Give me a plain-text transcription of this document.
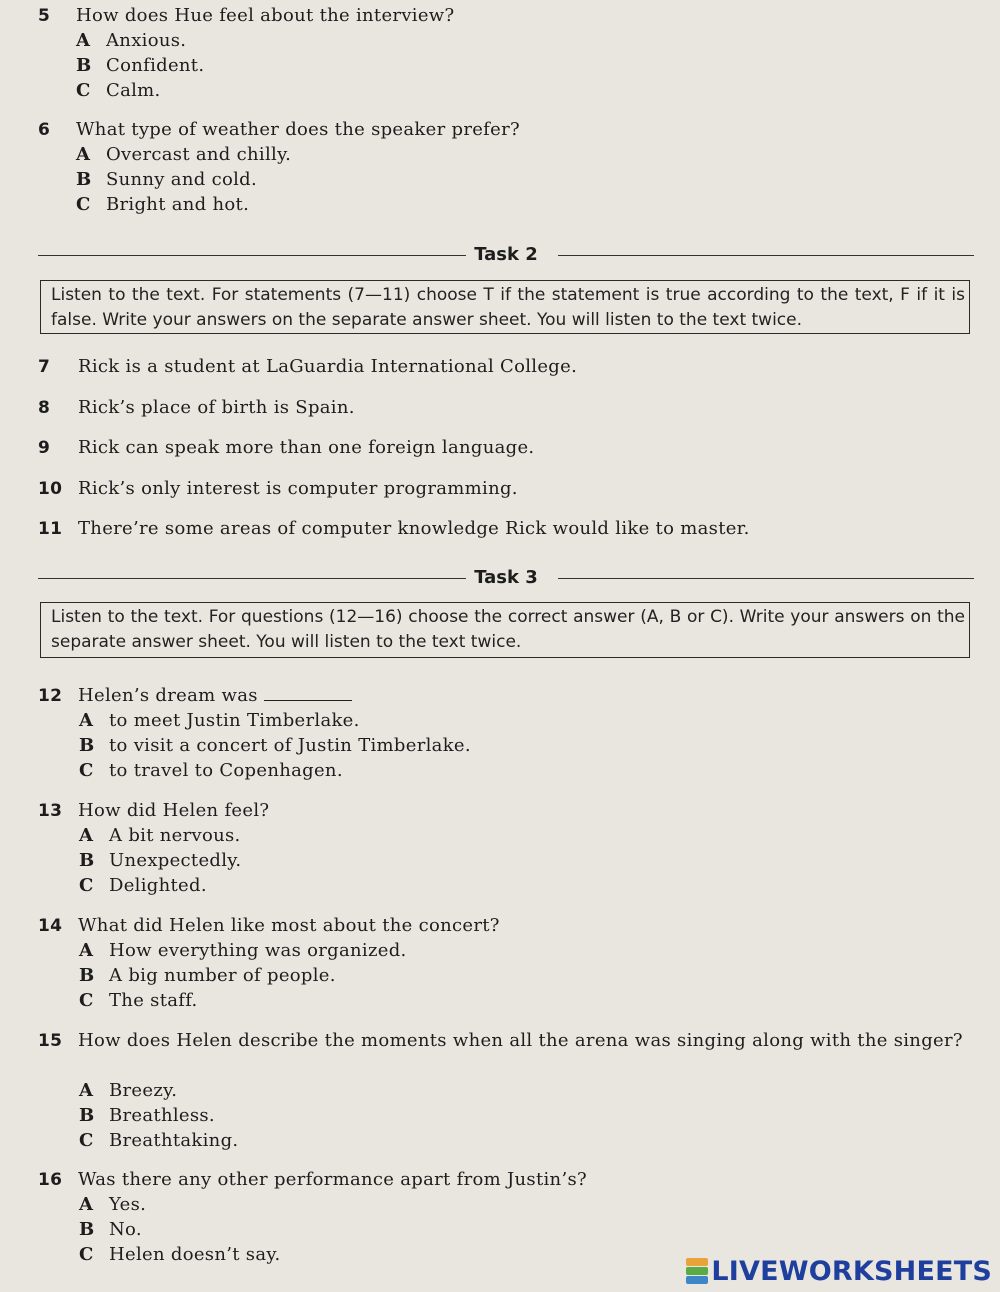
5 How does Hue feel about the interview?
A Anxious.
B Confident.
C Calm.
6 What type of weather does the speaker prefer?
A Overcast and chilly.
B Sunny and cold.
C Bright and hot.
Task 2
Listen to the text. For statements (7—11) choose T if the statement is true according to the text, F if it is false. Write your answers on the separate answer sheet. You will listen to the text twice.
7 Rick is a student at LaGuardia International College.
8 Rick’s place of birth is Spain.
9 Rick can speak more than one foreign language.
10 Rick’s only interest is computer programming.
11 There’re some areas of computer knowledge Rick would like to master.
Task 3
Listen to the text. For questions (12—16) choose the correct answer (A, B or C). Write your answers on the separate answer sheet. You will listen to the text twice.
12 Helen’s dream was
A to meet Justin Timberlake.
B to visit a concert of Justin Timberlake.
C to travel to Copenhagen.
13 How did Helen feel?
A A bit nervous.
B Unexpectedly.
C Delighted.
14 What did Helen like most about the concert?
A How everything was organized.
B A big number of people.
C The staff.
15 How does Helen describe the moments when all the arena was singing along with the singer?
A Breezy.
B Breathless.
C Breathtaking.
16 Was there any other performance apart from Justin’s?
A Yes.
B No.
C Helen doesn’t say.
LIVEWORKSHEETS
